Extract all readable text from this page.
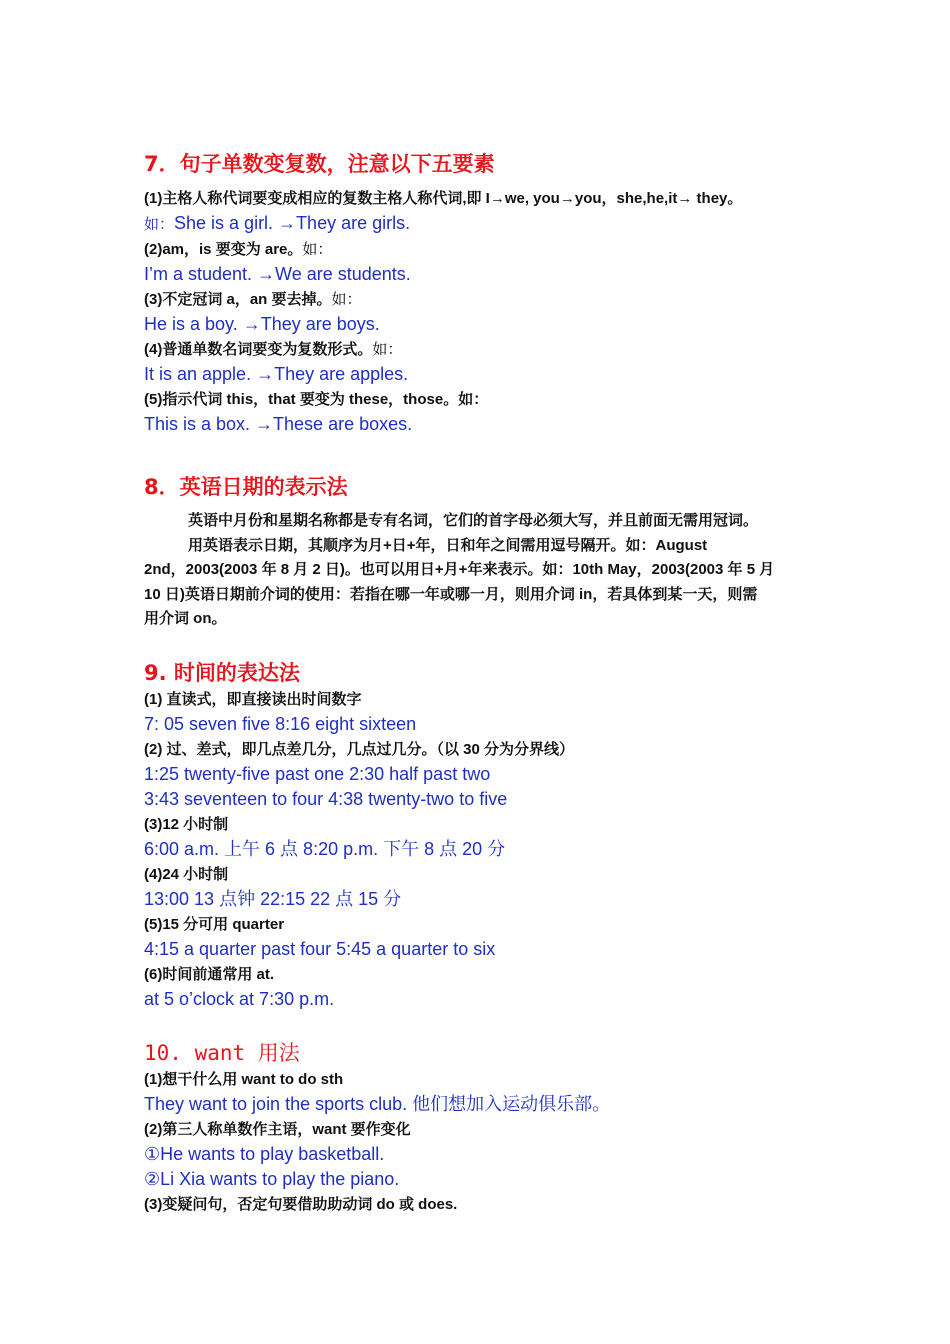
7．句子单数变复数，注意以下五要素
(1)主格人称代词要变成相应的复数主格人称代词,即 I→we, you→you，she,he,it→ they。
如：She is a girl. →They are girls.
(2)am，is 要变为 are。如：
I’m a student. →We are students.
(3)不定冠词 a，an 要去掉。如：
He is a boy. →They are boys.
(4)普通单数名词要变为复数形式。如：
It is an apple. →They are apples.
(5)指示代词 this，that 要变为 these，those。如：
This is a box. →These are boxes.
8．英语日期的表示法
英语中月份和星期名称都是专有名词，它们的首字母必须大写，并且前面无需用冠词。
用英语表示日期，其顺序为月+日+年，日和年之间需用逗号隔开。如：August
2nd，2003(2003 年 8 月 2 日)。也可以用日+月+年来表示。如：10th May，2003(2003 年 5 月
10 日)英语日期前介词的使用：若指在哪一年或哪一月，则用介词 in，若具体到某一天，则需
用介词 on。
9. 时间的表达法
(1) 直读式，即直接读出时间数字
7: 05 seven five 8:16 eight sixteen
(2) 过、差式，即几点差几分，几点过几分。（以 30 分为分界线）
1:25 twenty-five past one 2:30 half past two
3:43 seventeen to four 4:38 twenty-two to five
(3)12 小时制
6:00 a.m. 上午 6 点 8:20 p.m. 下午 8 点 20 分
(4)24 小时制
13:00 13 点钟 22:15 22 点 15 分
(5)15 分可用 quarter
4:15 a quarter past four 5:45 a quarter to six
(6)时间前通常用 at.
at 5 o’clock at 7:30 p.m.
10. want 用法
(1)想干什么用 want to do sth
They want to join the sports club. 他们想加入运动俱乐部。
(2)第三人称单数作主语，want 要作变化
①He wants to play basketball.
②Li Xia wants to play the piano.
(3)变疑问句，否定句要借助助动词 do 或 does.
